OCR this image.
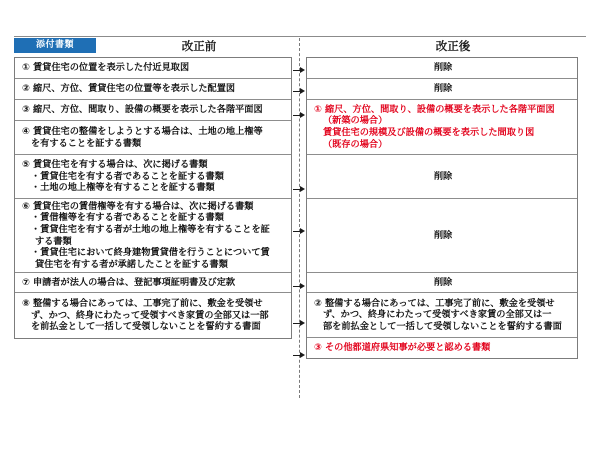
添付書類	改正前	改正後
① 賃貸住宅の位置を表示した付近見取図
② 縮尺、方位、賃貸住宅の位置等を表示した配置図
③ 縮尺、方位、間取り、設備の概要を表示した各階平面図
④ 賃貸住宅の整備をしようとする場合は、土地の地上権等
を有することを証する書類
⑤ 賃貸住宅を有する場合は、次に掲げる書類
・賃貸住宅を有する者であることを証する書類
・土地の地上権等を有することを証する書類
⑥ 賃貸住宅の賃借権等を有する場合は、次に掲げる書類
・賃借権等を有する者であることを証する書類
・賃貸住宅を有する者が土地の地上権等を有することを証
する書類
・賃貸住宅において終身建物賃貸借を行うことについて賃
貸住宅を有する者が承諾したことを証する書類
⑦ 申請者が法人の場合は、登記事項証明書及び定款
⑧ 整備する場合にあっては、工事完了前に、敷金を受領せ
ず、かつ、終身にわたって受領すべき家賃の全部又は一部
を前払金として一括して受領しないことを誓約する書面
削除
削除
① 縮尺、方位、間取り、設備の概要を表示した各階平面図
（新築の場合）
賃貸住宅の規模及び設備の概要を表示した間取り図
（既存の場合）
削除
削除
削除
② 整備する場合にあっては、工事完了前に、敷金を受領せ
ず、かつ、終身にわたって受領すべき家賃の全部又は一
部を前払金として一括して受領しないことを誓約する書面
③ その他都道府県知事が必要と認める書類
